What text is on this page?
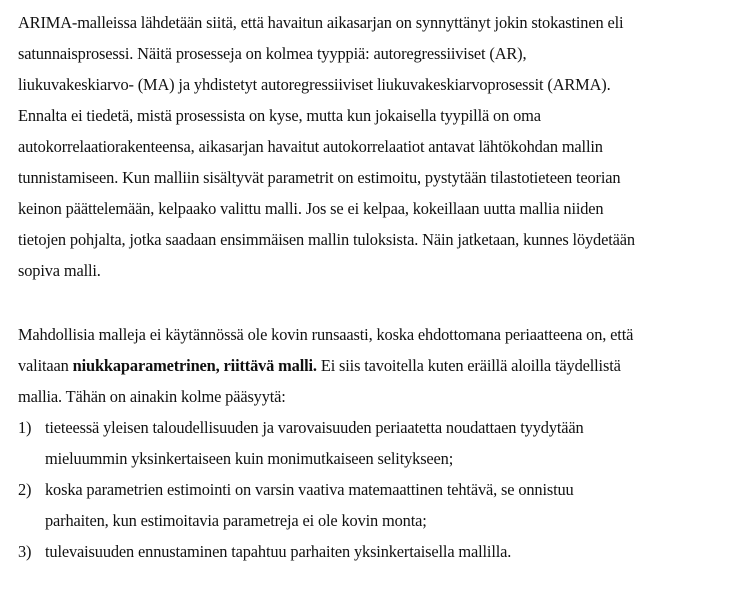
ARIMA-malleissa lähdetään siitä, että havaitun aikasarjan on synnyttänyt jokin stokastinen eli
satunnaisprosessi. Näitä prosesseja on kolmea tyyppiä: autoregressiiviset (AR),
liukuvakeskiarvo- (MA) ja yhdistetyt autoregressiiviset liukuvakeskiarvoprosessit (ARMA).
Ennalta ei tiedetä, mistä prosessista on kyse, mutta kun jokaisella tyypillä on oma
autokorrelaatiorakenteensa, aikasarjan havaitut autokorrelaatiot antavat lähtökohdan mallin
tunnistamiseen. Kun malliin sisältyvät parametrit on estimoitu, pystytään tilastotieteen teorian
keinon päättelemään, kelpaako valittu malli. Jos se ei kelpaa, kokeillaan uutta mallia niiden
tietojen pohjalta, jotka saadaan ensimmäisen mallin tuloksista. Näin jatketaan, kunnes löydetään
sopiva malli.

Mahdollisia malleja ei käytännössä ole kovin runsaasti, koska ehdottomana periaatteena on, että
valitaan niukkaparametrinen, riittävä malli. Ei siis tavoitella kuten eräillä aloilla täydellistä
mallia. Tähän on ainakin kolme pääsyytä:

1) tieteessä yleisen taloudellisuuden ja varovaisuuden periaatetta noudattaen tyydytään
mieluummin yksinkertaiseen kuin monimutkaiseen selitykseen;
2) koska parametrien estimointi on varsin vaativa matemaattinen tehtävä, se onnistuu
parhaiten, kun estimoitavia parametreja ei ole kovin monta;
3) tulevaisuuden ennustaminen tapahtuu parhaiten yksinkertaisella mallilla.
